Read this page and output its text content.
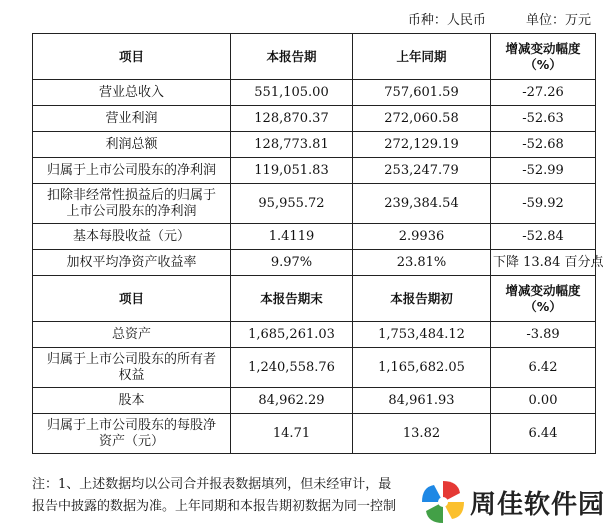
币种：人民币	单位：万元
项目	本报告期	上年同期	增减变动幅度
（%）
营业总收入	551,105.00	757,601.59	-27.26
营业利润	128,870.37	272,060.58	-52.63
利润总额	128,773.81	272,129.19	-52.68
归属于上市公司股东的净利润	119,051.83	253,247.79	-52.99
扣除非经常性损益后的归属于
上市公司股东的净利润	95,955.72	239,384.54	-59.92
基本每股收益（元）	1.4119	2.9936	-52.84
加权平均净资产收益率	9.97%	23.81%	下降 13.84 百分点
项目	本报告期末	本报告期初	增减变动幅度
（%）
总资产	1,685,261.03	1,753,484.12	-3.89
归属于上市公司股东的所有者
权益	1,240,558.76	1,165,682.05	6.42
股本	84,962.29	84,961.93	0.00
归属于上市公司股东的每股净
资产（元）	14.71	13.82	6.44

注：1、上述数据均以公司合并报表数据填列，但未经审计，最

报告中披露的数据为准。上年同期和本报告期初数据为同一控制	周佳软件园
